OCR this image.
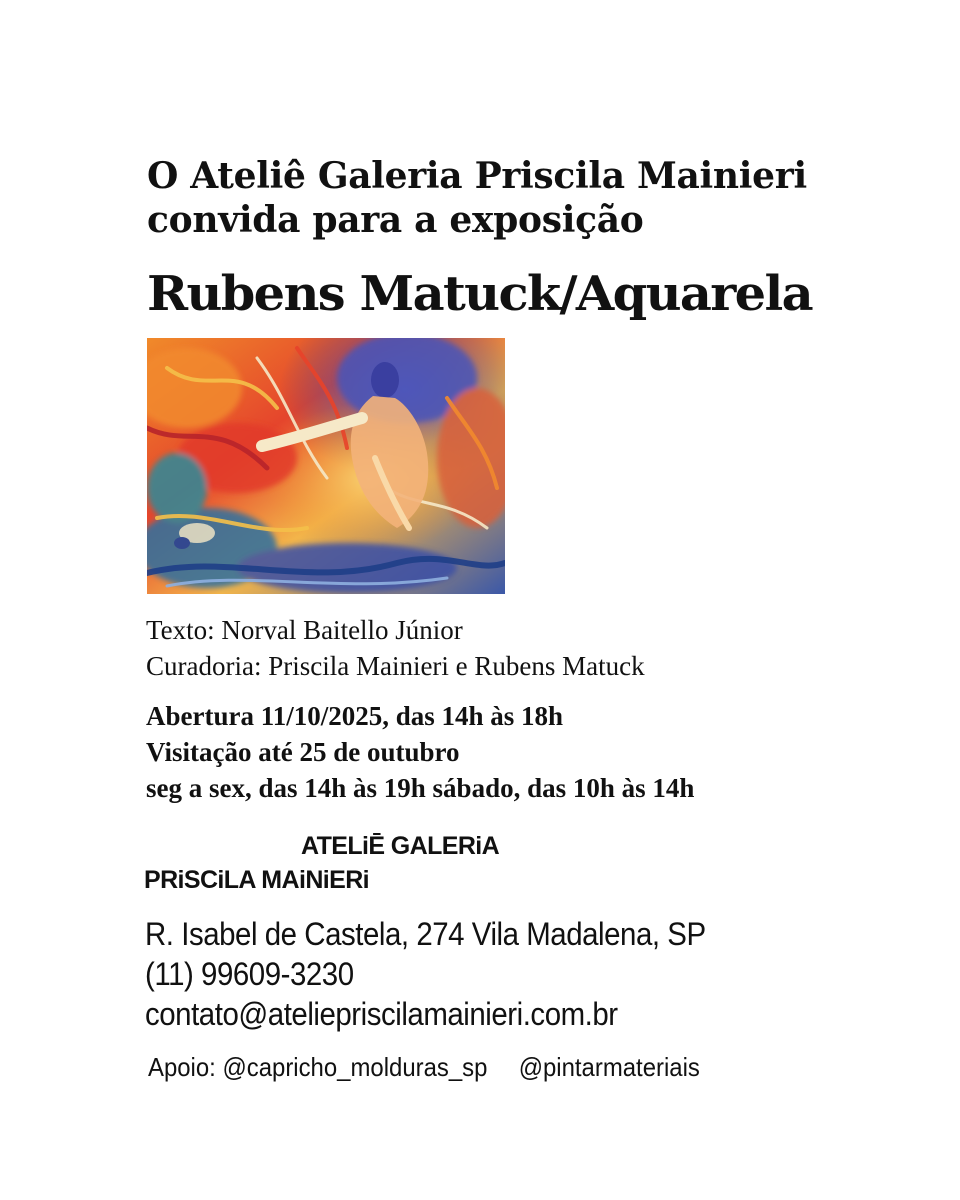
O Ateliê Galeria Priscila Mainieri
convida para a exposição
Rubens Matuck/Aquarela
Texto: Norval Baitello Júnior
Curadoria: Priscila Mainieri e Rubens Matuck
Abertura 11/10/2025, das 14h às 18h
Visitação até 25 de outubro
seg a sex, das 14h às 19h sábado, das 10h às 14h
ATELiĒ GALERiA
PRiSCiLA MAiNiERi
R. Isabel de Castela, 274 Vila Madalena, SP
(11) 99609-3230
contato@ateliepriscilamainieri.com.br
Apoio: @capricho_molduras_sp @pintarmateriais
